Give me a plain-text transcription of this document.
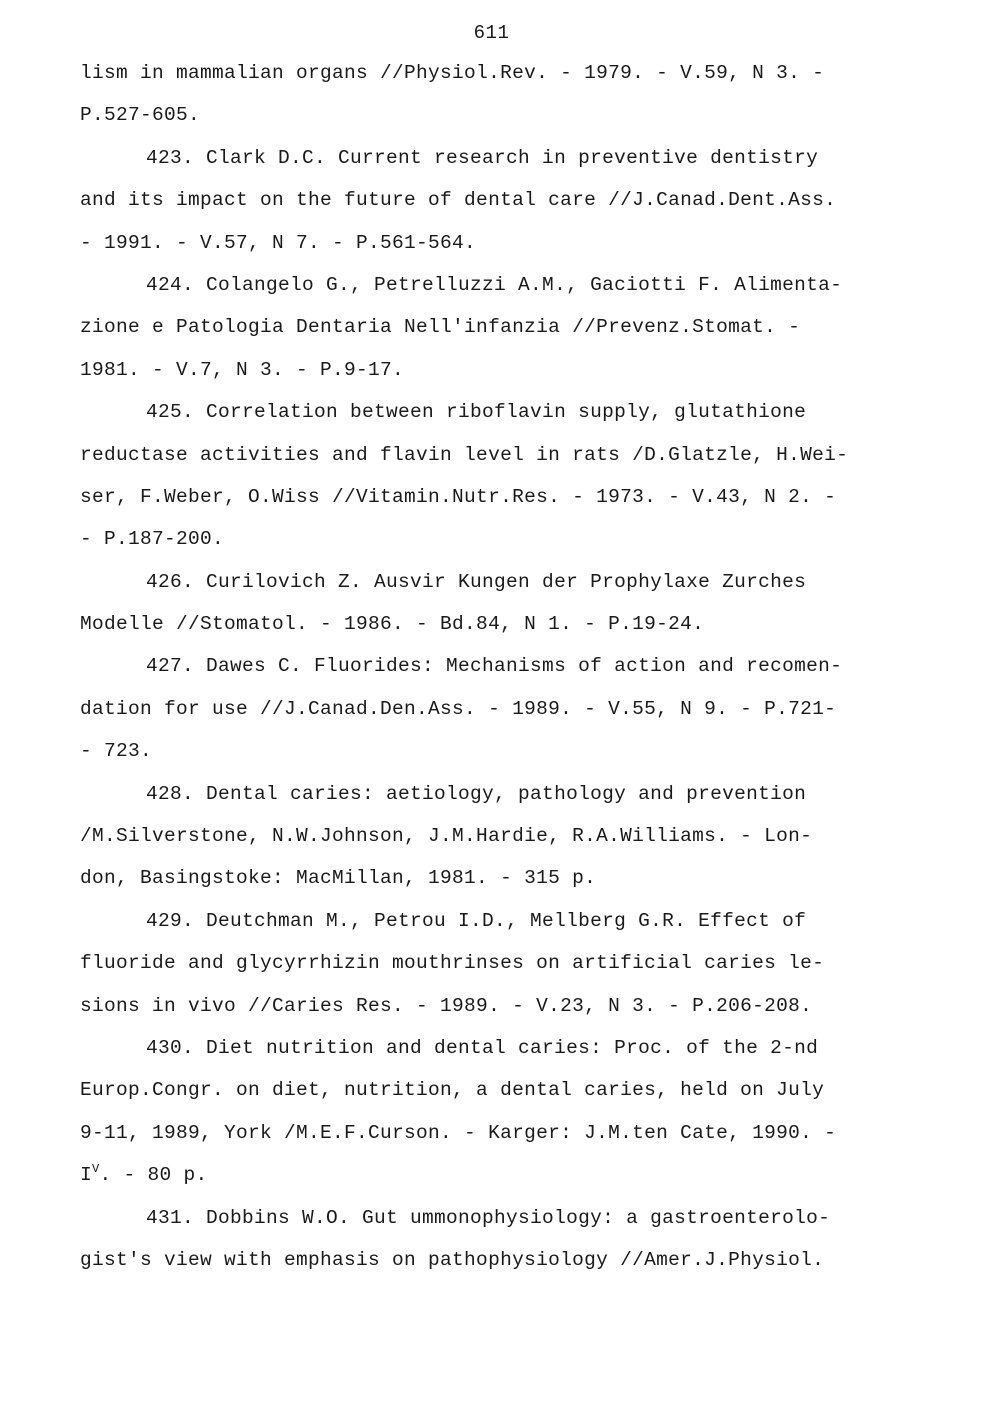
611
lism in mammalian organs //Physiol.Rev. - 1979. - V.59, N 3. -
P.527-605.
423. Clark D.C. Current research in preventive dentistry
and its impact on the future of dental care //J.Canad.Dent.Ass.
- 1991. - V.57, N 7. - P.561-564.
424. Colangelo G., Petrelluzzi A.M., Gaciotti F. Alimenta-
zione e Patologia Dentaria Nell'infanzia //Prevenz.Stomat. -
1981. - V.7, N 3. - P.9-17.
425. Correlation between riboflavin supply, glutathione
reductase activities and flavin level in rats /D.Glatzle, H.Wei-
ser, F.Weber, O.Wiss //Vitamin.Nutr.Res. - 1973. - V.43, N 2. -
- P.187-200.
426. Curilovich Z. Ausvir Kungen der Prophylaxe Zurches
Modelle //Stomatol. - 1986. - Bd.84, N 1. - P.19-24.
427. Dawes C. Fluorides: Mechanisms of action and recomen-
dation for use //J.Canad.Den.Ass. - 1989. - V.55, N 9. - P.721-
- 723.
428. Dental caries: aetiology, pathology and prevention
/M.Silverstone, N.W.Johnson, J.M.Hardie, R.A.Williams. - Lon-
don, Basingstoke: MacMillan, 1981. - 315 p.
429. Deutchman M., Petrou I.D., Mellberg G.R. Effect of
fluoride and glycyrrhizin mouthrinses on artificial caries le-
sions in vivo //Caries Res. - 1989. - V.23, N 3. - P.206-208.
430. Diet nutrition and dental caries: Proc. of the 2-nd
Europ.Congr. on diet, nutrition, a dental caries, held on July
9-11, 1989, York /M.E.F.Curson. - Karger: J.M.ten Cate, 1990. -
$I^V$. - 80 p.
431. Dobbins W.O. Gut ummonophysiology: a gastroenterolo-
gist's view with emphasis on pathophysiology //Amer.J.Physiol.
